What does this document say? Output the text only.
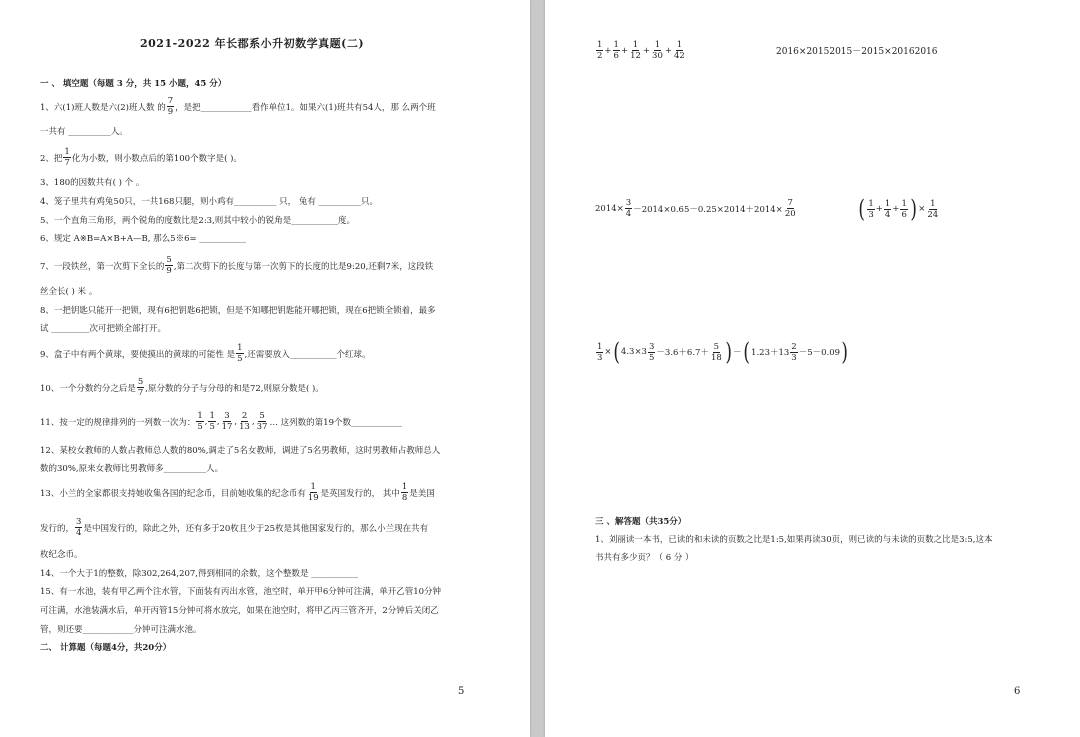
2021-2022 年长郡系小升初数学真题(二)
一 、 填空题（每题 3 分，共 15 小题，45 分）
1、六(1)班人数是六(2)班人数 的 $\frac{7}{9}$ ，是把____________看作单位1。如果六(1)班共有54人，那 么两个班
一共有 __________人。
2、把 $\frac{1}{7}$ 化为小数，则小数点后的第100个数字是( )。
3、180的因数共有( ) 个 。
4、笼子里共有鸡兔50只，一共168只腿，则小鸡有__________ 只， 兔有 __________只。
5、一个直角三角形，两个锐角的度数比是2:3,则其中较小的锐角是___________度。
6、规定 A※B=A×B+A—B, 那么5※6= ___________
7、一段铁丝，第一次剪下全长的 $\frac{5}{9}$ ,第二次剪下的长度与第一次剪下的长度的比是9:20,还剩7米，这段铁
丝全长( ) 米 。
8、一把钥匙只能开一把锁，现有6把钥匙6把锁，但是不知哪把钥匙能开哪把锁，现在6把锁全锁着，最多
试 _________次可把锁全部打开。
9、盒子中有两个黄球，要使摸出的黄球的可能性 是 $\frac{1}{5}$ ,还需要放入___________个红球。
10、一个分数约分之后是 $\frac{5}{7}$ ,原分数的分子与分母的和是72,则原分数是( )。
11、按一定的规律排列的一列数一次为： $\frac{1}{5}$ , $\frac{1}{5}$ , $\frac{3}{17}$ , $\frac{2}{13}$ , $\frac{5}{37}$ … 这列数的第19个数____________
12、某校女教师的人数占教师总人数的80%,调走了5名女教师，调进了5名男教师，这时男教师占教师总人
数的30%,原来女教师比男教师多__________人。
13、小兰的全家都很支持她收集各国的纪念币，目前她收集的纪念币有 $\frac{1}{19}$ 是英国发行的， 其中 $\frac{1}{8}$ 是美国
发行的， $\frac{3}{4}$ 是中国发行的，除此之外，还有多于20枚且少于25枚是其他国家发行的，那么小兰现在共有
枚纪念币。
14、一个大于1的整数，除302,264,207,得到相同的余数，这个整数是 ___________
15、有一水池，装有甲乙两个注水管，下面装有丙出水管，池空时，单开甲6分钟可注满，单开乙管10分钟
可注满，水池装满水后，单开丙管15分钟可将水放完，如果在池空时，将甲乙丙三管齐开，2分钟后关闭乙
管，则还要____________分钟可注满水池。
二、 计算题（每题4分，共20分）
5
$\frac{1}{2} + \frac{1}{6} + \frac{1}{12} + \frac{1}{30} + \frac{1}{42}$	2016×20152015－2015×20162016
$2014\times \frac{3}{4} -2014\times 0.65-0.25\times 2014+2014\times \frac{7}{20}$	( $\frac{1}{3} + \frac{1}{4} + \frac{1}{6}$ ) × $\frac{1}{24}$
$\frac{1}{3}$ × ( $4.3\times 3 \frac{3}{5} -3.6+6.7+ \frac{5}{18}$ ) － ( $1.23+13 \frac{2}{3} -5-0.09$ )
三 、解答题（共35分）
1、刘丽读一本书，已读的和未读的页数之比是1:5,如果再读30页，则已读的与未读的页数之比是3:5,这本
书共有多少页？（ 6 分 ）
6
